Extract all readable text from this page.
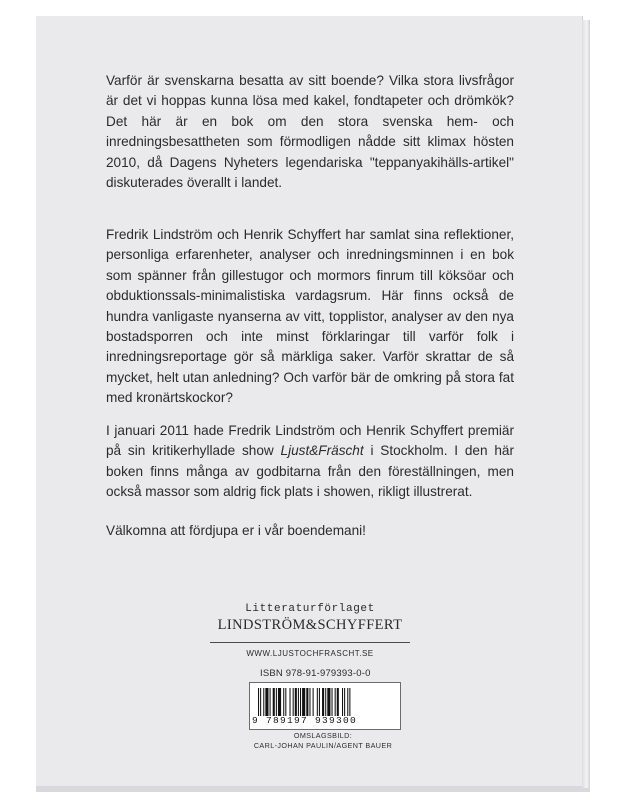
Varför är svenskarna besatta av sitt boende? Vilka stora livsfrågor är det vi hoppas kunna lösa med kakel, fondtapeter och drömkök? Det här är en bok om den stora svenska hem- och inredningsbesattheten som förmodligen nådde sitt klimax hösten 2010, då Dagens Nyheters legendariska "teppanyakihälls-artikel" diskuterades överallt i landet.
Fredrik Lindström och Henrik Schyffert har samlat sina reflektioner, personliga erfarenheter, analyser och inredningsminnen i en bok som spänner från gillestugor och mormors finrum till köksöar och obduktionssals-minimalistiska vardagsrum. Här finns också de hundra vanligaste nyanserna av vitt, topplistor, analyser av den nya bostadsporren och inte minst förklaringar till varför folk i inredningsreportage gör så märkliga saker. Varför skrattar de så mycket, helt utan anledning? Och varför bär de omkring på stora fat med kronärtskockor?
I januari 2011 hade Fredrik Lindström och Henrik Schyffert premiär på sin kritikerhyllade show Ljust&Fräscht i Stockholm. I den här boken finns många av godbitarna från den föreställningen, men också massor som aldrig fick plats i showen, rikligt illustrerat.
Välkomna att fördjupa er i vår boendemani!
Litteraturförlaget
LINDSTRÖM&SCHYFFERT
WWW.LJUSTOCHFRASCHT.SE
ISBN 978-91-979393-0-0
9 789197 939300
OMSLAGSBILD:
CARL-JOHAN PAULIN/AGENT BAUER
